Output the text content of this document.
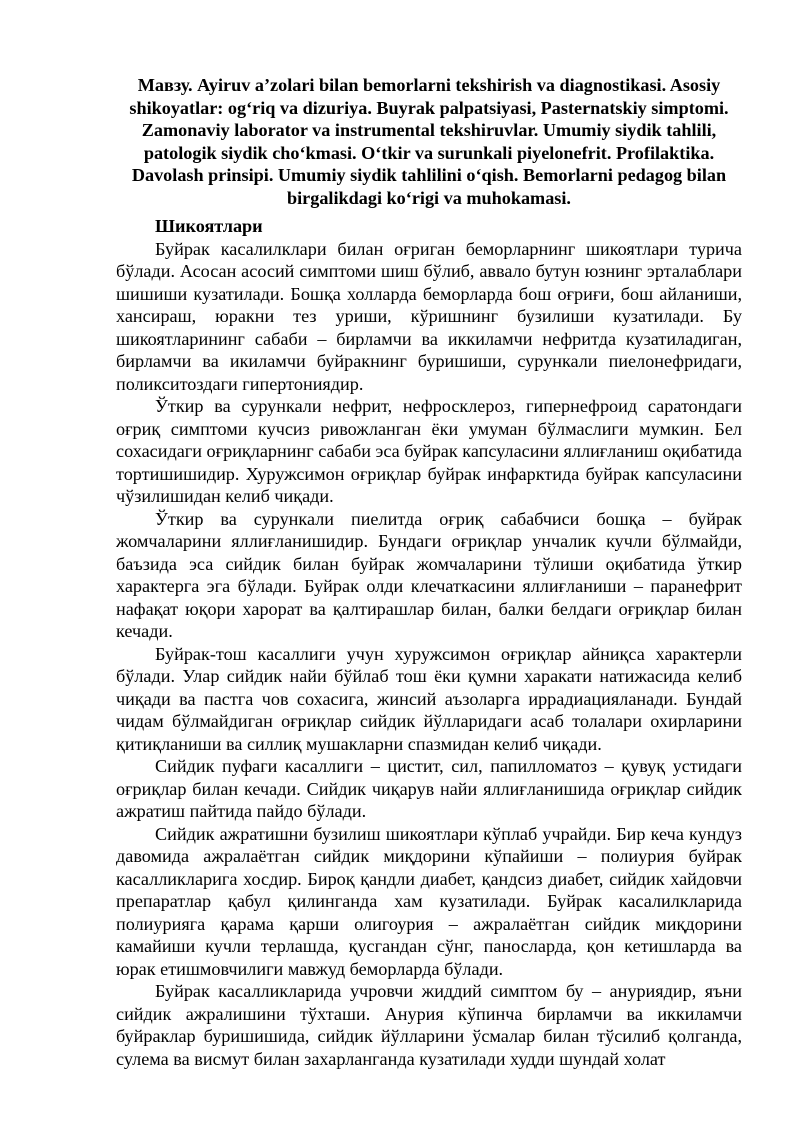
Мавзу. Ayiruv a’zolari bilan bemorlarni tekshirish va diagnostikasi. Asosiy shikoyatlar: og‘riq va dizuriya. Buyrak palpatsiyasi, Pasternatskiy simptomi. Zamonaviy laborator va instrumental tekshiruvlar. Umumiy siydik tahlili, patologik siydik cho‘kmasi. O‘tkir va surunkali piyelonefrit. Profilaktika. Davolash prinsipi. Umumiy siydik tahlilini o‘qish. Bemorlarni pedagog bilan birgalikdagi ko‘rigi va muhokamasi.

Шикоятлари

Буйрак касалилклари билан оғриган беморларнинг шикоятлари турича бўлади. Асосан асосий симптоми шиш бўлиб, аввало бутун юзнинг эрталаблари шишиши кузатилади. Бошқа холларда беморларда бош оғриғи, бош айланиши, хансираш, юракни тез уриши, кўришнинг бузилиши кузатилади. Бу шикоятларининг сабаби – бирламчи ва иккиламчи нефритда кузатиладиган, бирламчи ва икиламчи буйракнинг буришиши, сурункали пиелонефридаги, поликситоздаги гипертониядир.

Ўткир ва сурункали нефрит, нефросклероз, гипернефроид саратондаги оғриқ симптоми кучсиз ривожланган ёки умуман бўлмаслиги мумкин. Бел сохасидаги оғриқларнинг сабаби эса буйрак капсуласини яллиғланиш оқибатида тортишишидир. Хуружсимон оғриқлар буйрак инфарктида буйрак капсуласини чўзилишидан келиб чиқади.

Ўткир ва сурункали пиелитда оғриқ сабабчиси бошқа – буйрак жомчаларини яллиғланишидир. Бундаги оғриқлар унчалик кучли бўлмайди, баъзида эса сийдик билан буйрак жомчаларини тўлиши оқибатида ўткир характерга эга бўлади. Буйрак олди клечаткасини яллиғланиши – паранефрит нафақат юқори харорат ва қалтирашлар билан, балки белдаги оғриқлар билан кечади.

Буйрак-тош касаллиги учун хуружсимон оғриқлар айниқса характерли бўлади. Улар сийдик найи бўйлаб тош ёки қумни харакати натижасида келиб чиқади ва пастга чов сохасига, жинсий аъзоларга иррадиацияланади. Бундай чидам бўлмайдиган оғриқлар сийдик йўлларидаги асаб толалари охирларини қитиқланиши ва силлиқ мушакларни спазмидан келиб чиқади.

Сийдик пуфаги касаллиги – цистит, сил, папилломатоз – қувуқ устидаги оғриқлар билан кечади. Сийдик чиқарув найи яллиғланишида оғриқлар сийдик ажратиш пайтида пайдо бўлади.

Сийдик ажратишни бузилиш шикоятлари кўплаб учрайди. Бир кеча кундуз давомида ажралаётган сийдик миқдорини кўпайиши – полиурия буйрак касалликларига хосдир. Бироқ қандли диабет, қандсиз диабет, сийдик хайдовчи препаратлар қабул қилинганда хам кузатилади. Буйрак касалилкларида полиурияга қарама қарши олигоурия – ажралаётган сийдик миқдорини камайиши кучли терлашда, қусгандан сўнг, паносларда, қон кетишларда ва юрак етишмовчилиги мавжуд беморларда бўлади.

Буйрак касалликларида учровчи жиддий симптом бу – ануриядир, яъни сийдик ажралишини тўхташи. Анурия кўпинча бирламчи ва иккиламчи буйраклар буришишида, сийдик йўлларини ўсмалар билан тўсилиб қолганда, сулема ва висмут билан захарланганда кузатилади худди шундай холат
